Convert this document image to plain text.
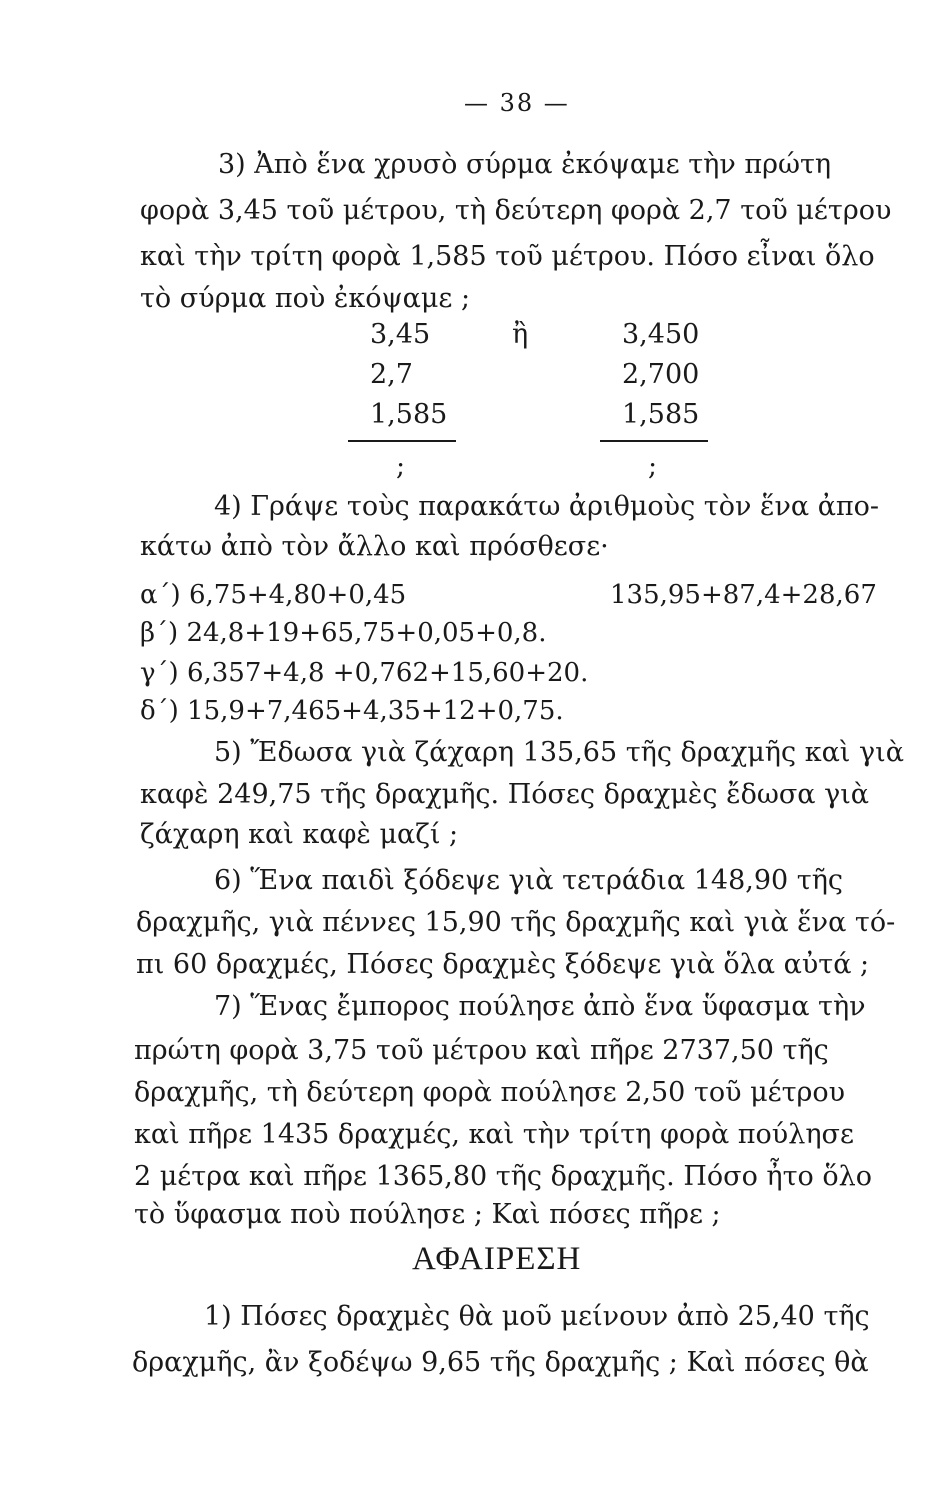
— 38 —
3) Ἀπὸ ἕνα χρυσὸ σύρμα ἐκόψαμε τὴν πρώτη
φορὰ 3,45 τοῦ μέτρου, τὴ δεύτερη φορὰ 2,7 τοῦ μέτρου
καὶ τὴν τρίτη φορὰ 1,585 τοῦ μέτρου. Πόσο εἶναι ὅλο
τὸ σύρμα ποὺ ἐκόψαμε ;
3,45
2,7
1,585
;
ἢ	3,450
2,700
1,585
;
4) Γράψε τοὺς παρακάτω ἀριθμοὺς τὸν ἕνα ἀπο-
κάτω ἀπὸ τὸν ἄλλο καὶ πρόσθεσε·
α΄) 6,75+4,80+0,45	135,95+87,4+28,67
β΄) 24,8+19+65,75+0,05+0,8.
γ΄) 6,357+4,8 +0,762+15,60+20.
δ΄) 15,9+7,465+4,35+12+0,75.
5) Ἔδωσα γιὰ ζάχαρη 135,65 τῆς δραχμῆς καὶ γιὰ
καφὲ 249,75 τῆς δραχμῆς. Πόσες δραχμὲς ἔδωσα γιὰ
ζάχαρη καὶ καφὲ μαζί ;
6) Ἕνα παιδὶ ξόδεψε γιὰ τετράδια 148,90 τῆς
δραχμῆς, γιὰ πέννες 15,90 τῆς δραχμῆς καὶ γιὰ ἕνα τό-
πι 60 δραχμές, Πόσες δραχμὲς ξόδεψε γιὰ ὅλα αὐτά ;
7) Ἕνας ἔμπορος πούλησε ἀπὸ ἕνα ὕφασμα τὴν
πρώτη φορὰ 3,75 τοῦ μέτρου καὶ πῆρε 2737,50 τῆς
δραχμῆς, τὴ δεύτερη φορὰ πούλησε 2,50 τοῦ μέτρου
καὶ πῆρε 1435 δραχμές, καὶ τὴν τρίτη φορὰ πούλησε
2 μέτρα καὶ πῆρε 1365,80 τῆς δραχμῆς. Πόσο ἦτο ὅλο
τὸ ὕφασμα ποὺ πούλησε ; Καὶ πόσες πῆρε ;
ΑΦΑΙΡΕΣΗ
1) Πόσες δραχμὲς θὰ μοῦ μείνουν ἀπὸ 25,40 τῆς
δραχμῆς, ἂν ξοδέψω 9,65 τῆς δραχμῆς ; Καὶ πόσες θὰ
